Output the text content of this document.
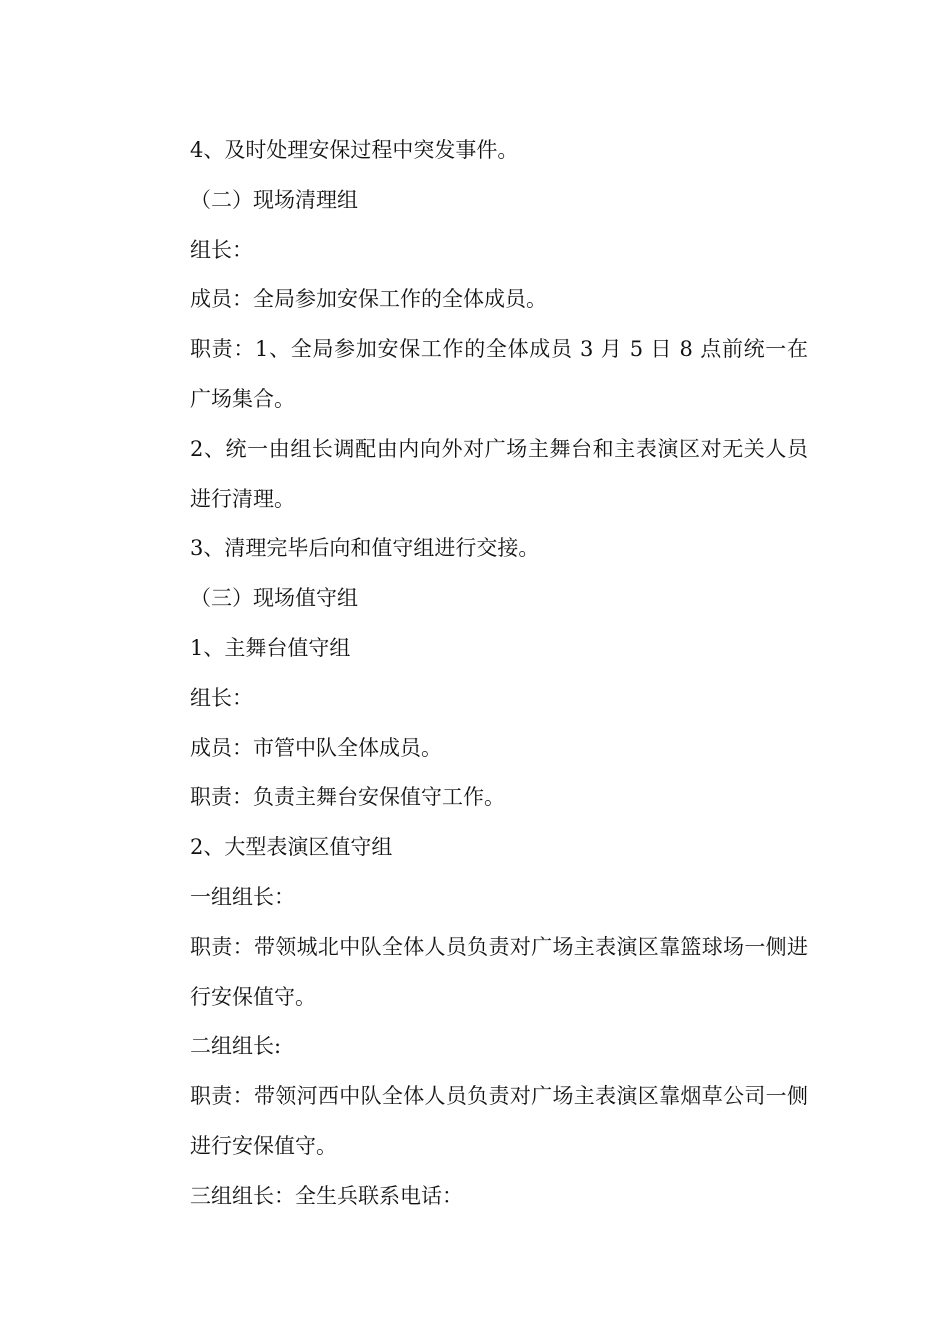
4、及时处理安保过程中突发事件。

（二）现场清理组

组长：

成员：全局参加安保工作的全体成员。

职责：1、全局参加安保工作的全体成员 3 月 5 日 8 点前统一在广场集合。

2、统一由组长调配由内向外对广场主舞台和主表演区对无关人员进行清理。

3、清理完毕后向和值守组进行交接。

（三）现场值守组

1、主舞台值守组

组长：

成员：市管中队全体成员。

职责：负责主舞台安保值守工作。

2、大型表演区值守组

一组组长：

职责：带领城北中队全体人员负责对广场主表演区靠篮球场一侧进行安保值守。

二组组长:

职责：带领河西中队全体人员负责对广场主表演区靠烟草公司一侧进行安保值守。

三组组长：全生兵联系电话：
